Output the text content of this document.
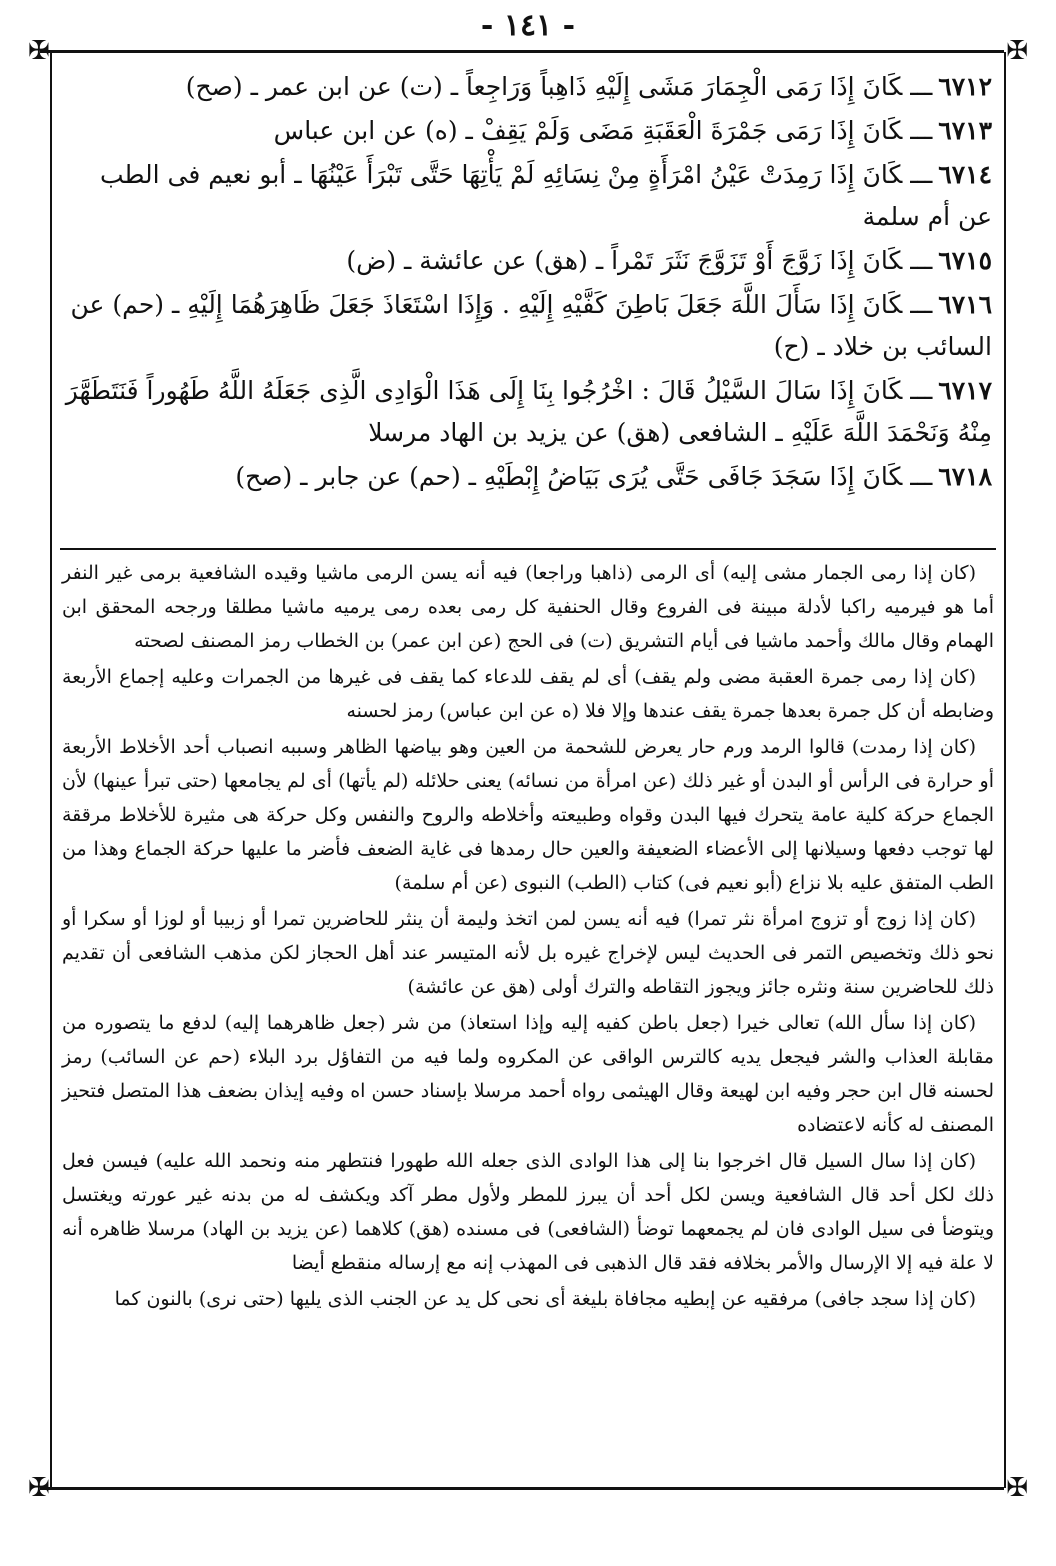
- ١٤١ -
✠	✠
✠	✠
٦٧١٢ـــكَانَ إِذَا رَمَى الْجِمَارَ مَشَى إِلَيْهِ ذَاهِباً وَرَاجِعاً ـ (ت) عن ابن عمر ـ (صح)
٦٧١٣ـــكَانَ إِذَا رَمَى جَمْرَةَ الْعَقَبَةِ مَضَى وَلَمْ يَقِفْ ـ (ه) عن ابن عباس
٦٧١٤ـــكَانَ إِذَا رَمِدَتْ عَيْنُ امْرَأَةٍ مِنْ نِسَائِهِ لَمْ يَأْتِهَا حَتَّى تَبْرَأَ عَيْنُهَا ـ أبو نعيم فى الطب عن أم سلمة
٦٧١٥ـــكَانَ إِذَا زَوَّجَ أَوْ تَزَوَّجَ نَثَرَ تَمْراً ـ (هق) عن عائشة ـ (ض)
٦٧١٦ـــكَانَ إِذَا سَأَلَ اللَّهَ جَعَلَ بَاطِنَ كَفَّيْهِ إِلَيْهِ . وَإِذَا اسْتَعَاذَ جَعَلَ ظَاهِرَهُمَا إِلَيْهِ ـ (حم) عن السائب بن خلاد ـ (ح)
٦٧١٧ـــكَانَ إِذَا سَالَ السَّيْلُ قَالَ : اخْرُجُوا بِنَا إِلَى هَذَا الْوَادِى الَّذِى جَعَلَهُ اللَّهُ طَهُوراً فَنَتَطَهَّرَ مِنْهُ وَنَحْمَدَ اللَّهَ عَلَيْهِ ـ الشافعى (هق) عن يزيد بن الهاد مرسلا
٦٧١٨ـــكَانَ إِذَا سَجَدَ جَافَى حَتَّى يُرَى بَيَاضُ إِبْطَيْهِ ـ (حم) عن جابر ـ (صح)

(كان إذا رمى الجمار مشى إليه) أى الرمى (ذاهبا وراجعا) فيه أنه يسن الرمى ماشيا وقيده الشافعية برمى غير النفر أما هو فيرميه راكبا لأدلة مبينة فى الفروع وقال الحنفية كل رمى بعده رمى يرميه ماشيا مطلقا ورجحه المحقق ابن الهمام وقال مالك وأحمد ماشيا فى أيام التشريق (ت) فى الحج (عن ابن عمر) بن الخطاب رمز المصنف لصحته

(كان إذا رمى جمرة العقبة مضى ولم يقف) أى لم يقف للدعاء كما يقف فى غيرها من الجمرات وعليه إجماع الأربعة وضابطه أن كل جمرة بعدها جمرة يقف عندها وإلا فلا (ه عن ابن عباس) رمز لحسنه

(كان إذا رمدت) قالوا الرمد ورم حار يعرض للشحمة من العين وهو بياضها الظاهر وسببه انصباب أحد الأخلاط الأربعة أو حرارة فى الرأس أو البدن أو غير ذلك (عن امرأة من نسائه) يعنى حلائله (لم يأتها) أى لم يجامعها (حتى تبرأ عينها) لأن الجماع حركة كلية عامة يتحرك فيها البدن وقواه وطبيعته وأخلاطه والروح والنفس وكل حركة هى مثيرة للأخلاط مرققة لها توجب دفعها وسيلانها إلى الأعضاء الضعيفة والعين حال رمدها فى غاية الضعف فأضر ما عليها حركة الجماع وهذا من الطب المتفق عليه بلا نزاع (أبو نعيم فى) كتاب (الطب) النبوى (عن أم سلمة)

(كان إذا زوج أو تزوج امرأة نثر تمرا) فيه أنه يسن لمن اتخذ وليمة أن ينثر للحاضرين تمرا أو زبيبا أو لوزا أو سكرا أو نحو ذلك وتخصيص التمر فى الحديث ليس لإخراج غيره بل لأنه المتيسر عند أهل الحجاز لكن مذهب الشافعى أن تقديم ذلك للحاضرين سنة ونثره جائز ويجوز التقاطه والترك أولى (هق عن عائشة)

(كان إذا سأل الله) تعالى خيرا (جعل باطن كفيه إليه وإذا استعاذ) من شر (جعل ظاهرهما إليه) لدفع ما يتصوره من مقابلة العذاب والشر فيجعل يديه كالترس الواقى عن المكروه ولما فيه من التفاؤل برد البلاء (حم عن السائب) رمز لحسنه قال ابن حجر وفيه ابن لهيعة وقال الهيثمى رواه أحمد مرسلا بإسناد حسن اه وفيه إيذان بضعف هذا المتصل فتحيز المصنف له كأنه لاعتضاده

(كان إذا سال السيل قال اخرجوا بنا إلى هذا الوادى الذى جعله الله طهورا فنتطهر منه ونحمد الله عليه) فيسن فعل ذلك لكل أحد قال الشافعية ويسن لكل أحد أن يبرز للمطر ولأول مطر آكد ويكشف له من بدنه غير عورته ويغتسل ويتوضأ فى سيل الوادى فان لم يجمعهما توضأ (الشافعى) فى مسنده (هق) كلاهما (عن يزيد بن الهاد) مرسلا ظاهره أنه لا علة فيه إلا الإرسال والأمر بخلافه فقد قال الذهبى فى المهذب إنه مع إرساله منقطع أيضا

(كان إذا سجد جافى) مرفقيه عن إبطيه مجافاة بليغة أى نحى كل يد عن الجنب الذى يليها (حتى نرى) بالنون كما
